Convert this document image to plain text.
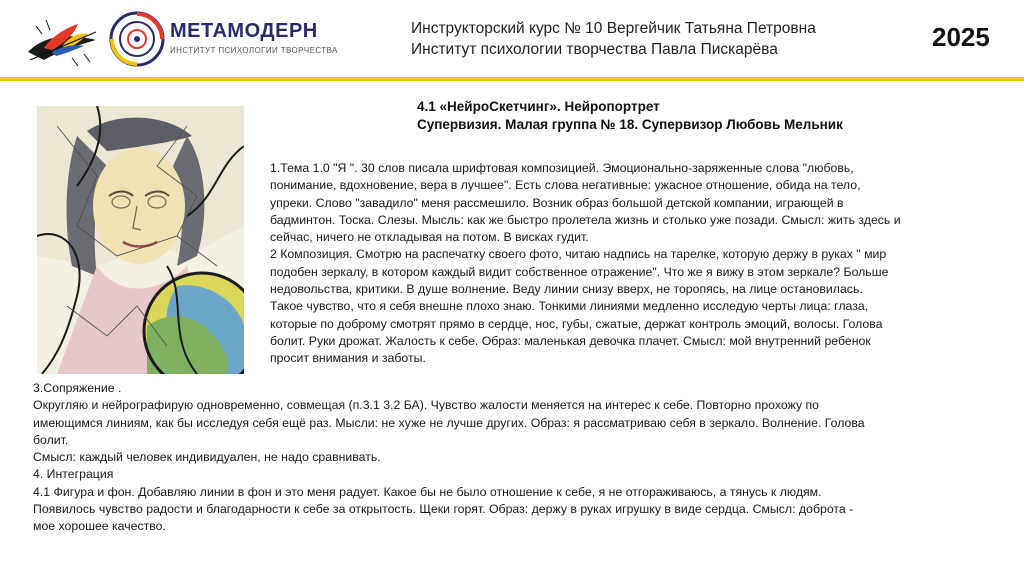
МЕТАМОДЕРН
ИНСТИТУТ ПСИХОЛОГИИ ТВОРЧЕСТВА
Инструкторский курс № 10 Вергейчик Татьяна Петровна
Институт психологии творчества Павла Пискарёва	2025
4.1 «НейроСкетчинг». Нейропортрет
Супервизия. Малая группа № 18. Супервизор Любовь Мельник
1.Тема 1.0 "Я ". 30 слов писала шрифтовая композицией. Эмоционально-заряженные слова "любовь,
понимание, вдохновение, вера в лучшее". Есть слова негативные: ужасное отношение, обида на тело,
упреки. Слово "завадило" меня рассмешило. Возник образ большой детской компании, играющей в
бадминтон. Тоска. Слезы. Мысль: как же быстро пролетела жизнь и столько уже позади. Смысл: жить здесь и
сейчас, ничего не откладывая на потом. В висках гудит.
2 Композиция. Смотрю на распечатку своего фото, читаю надпись на тарелке, которую держу в руках " мир
подобен зеркалу, в котором каждый видит собственное отражение". Что же я вижу в этом зеркале? Больше
недовольства, критики. В душе волнение. Веду линии снизу вверх, не торопясь, на лице остановилась.
Такое чувство, что я себя внешне плохо знаю. Тонкими линиями медленно исследую черты лица: глаза,
которые по доброму смотрят прямо в сердце, нос, губы, сжатые, держат контроль эмоций, волосы. Голова
болит. Руки дрожат. Жалость к себе. Образ: маленькая девочка плачет. Смысл: мой внутренний ребенок
просит внимания и заботы.
3.Сопряжение .
Округляю и нейрографирую одновременно, совмещая (п.3.1 3.2 БА). Чувство жалости меняется на интерес к себе. Повторно прохожу по
имеющимся линиям, как бы исследуя себя ещё раз. Мысли: не хуже не лучше других. Образ: я рассматриваю себя в зеркало. Волнение. Голова
болит.
Смысл: каждый человек индивидуален, не надо сравнивать.
4. Интеграция
4.1 Фигура и фон. Добавляю линии в фон и это меня радует. Какое бы не было отношение к себе, я не отгораживаюсь, а тянусь к людям.
Появилось чувство радости и благодарности к себе за открытость. Щеки горят. Образ: держу в руках игрушку в виде сердца. Смысл: доброта -
мое хорошее качество.
